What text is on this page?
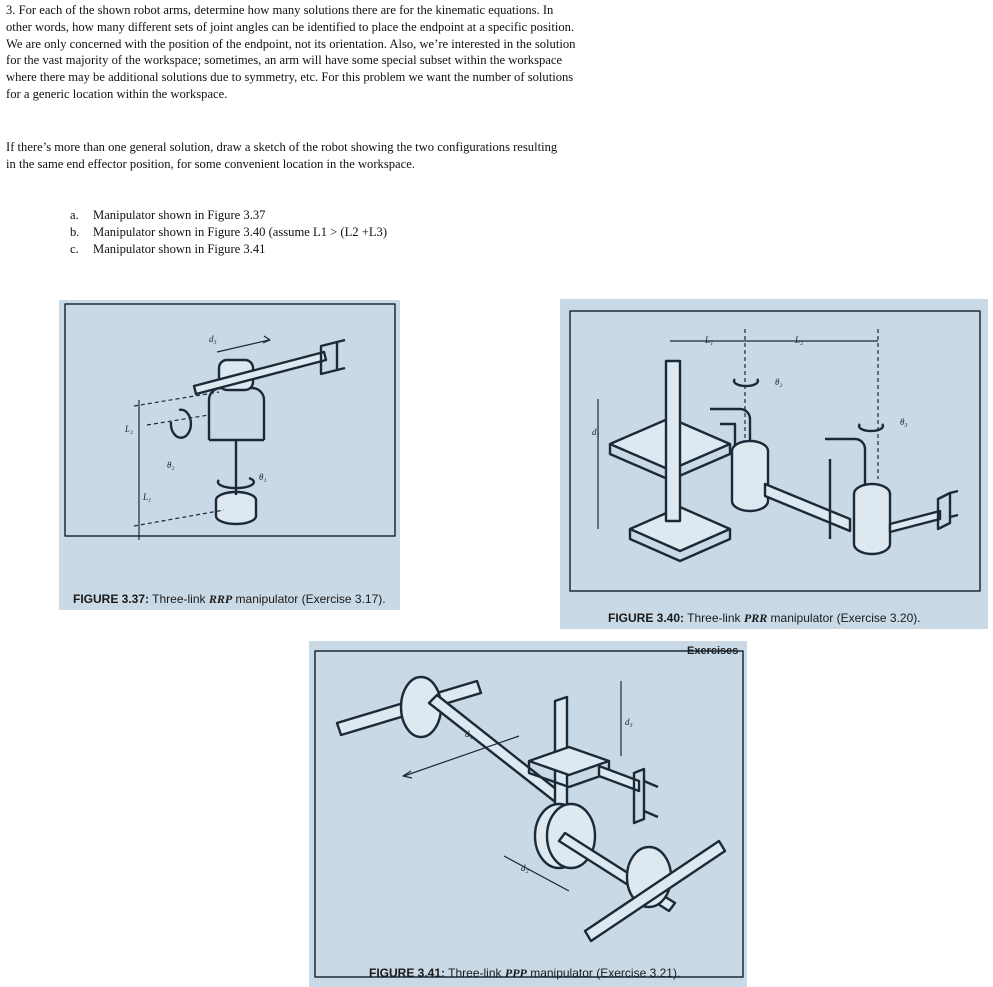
3. For each of the shown robot arms, determine how many solutions there are for the kinematic equations. In other words, how many different sets of joint angles can be identified to place the endpoint at a specific position. We are only concerned with the position of the endpoint, not its orientation. Also, we’re interested in the solution for the vast majority of the workspace; sometimes, an arm will have some special subset within the workspace where there may be additional solutions due to symmetry, etc. For this problem we want the number of solutions for a generic location within the workspace.

If there’s more than one general solution, draw a sketch of the robot showing the two configurations resulting in the same end effector position, for some convenient location in the workspace.

a.	Manipulator shown in Figure 3.37
b.	Manipulator shown in Figure 3.40 (assume L1 > (L2 +L3)
c.	Manipulator shown in Figure 3.41
d₃
L₂
θ₂
θ₁
L₁
FIGURE 3.37: Three-link RRP manipulator (Exercise 3.17).
L₁	L₂
θ₂
θ₃
d₁
FIGURE 3.40: Three-link PRR manipulator (Exercise 3.20).
Exercises
d₁
d₃
d₂
FIGURE 3.41: Three-link PPP manipulator (Exercise 3.21).
